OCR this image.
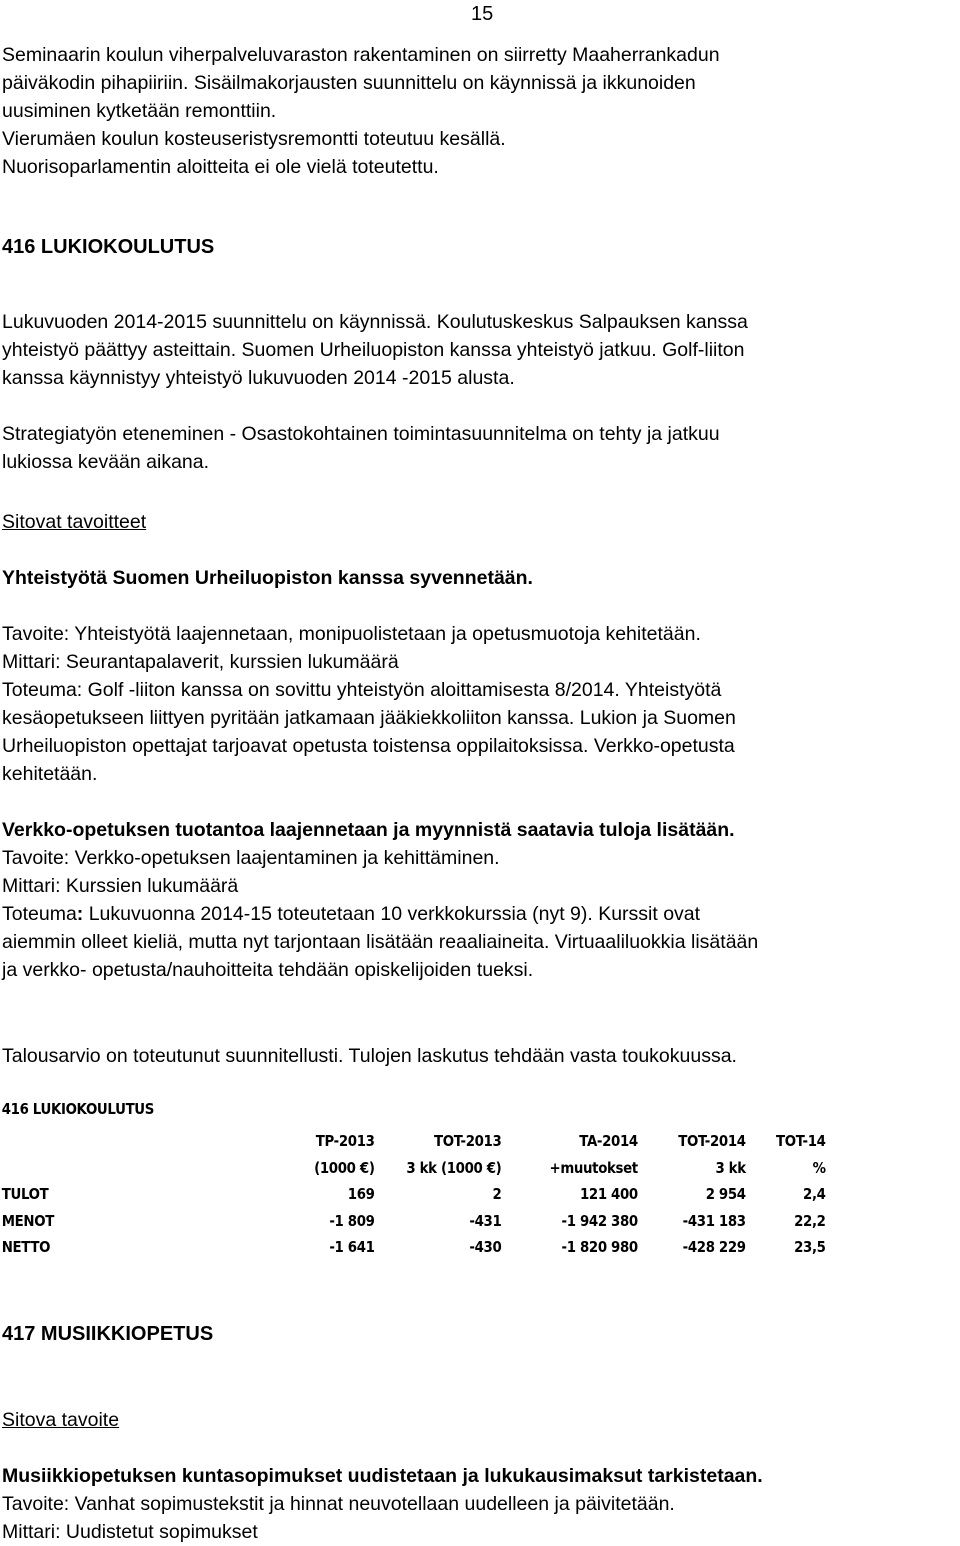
15

Seminaarin koulun viherpalveluvaraston rakentaminen on siirretty Maaherrankadun

päiväkodin pihapiiriin. Sisäilmakorjausten suunnittelu on käynnissä ja ikkunoiden

uusiminen kytketään remonttiin.

Vierumäen koulun kosteuseristysremontti toteutuu kesällä.

Nuorisoparlamentin aloitteita ei ole vielä toteutettu.

416 LUKIOKOULUTUS

Lukuvuoden 2014-2015 suunnittelu on käynnissä. Koulutuskeskus Salpauksen kanssa

yhteistyö päättyy asteittain. Suomen Urheiluopiston kanssa yhteistyö jatkuu. Golf-liiton

kanssa käynnistyy yhteistyö lukuvuoden 2014 -2015 alusta.

Strategiatyön eteneminen - Osastokohtainen toimintasuunnitelma on tehty ja jatkuu

lukiossa kevään aikana.

Sitovat tavoitteet
Yhteistyötä Suomen Urheiluopiston kanssa syvennetään.

Tavoite: Yhteistyötä laajennetaan, monipuolistetaan ja opetusmuotoja kehitetään.

Mittari: Seurantapalaverit, kurssien lukumäärä

Toteuma: Golf -liiton kanssa on sovittu yhteistyön aloittamisesta 8/2014. Yhteistyötä

kesäopetukseen liittyen pyritään jatkamaan jääkiekkoliiton kanssa. Lukion ja Suomen

Urheiluopiston opettajat tarjoavat opetusta toistensa oppilaitoksissa. Verkko-opetusta

kehitetään.

Verkko-opetuksen tuotantoa laajennetaan ja myynnistä saatavia tuloja lisätään.

Tavoite: Verkko-opetuksen laajentaminen ja kehittäminen.

Mittari: Kurssien lukumäärä

Toteuma: Lukuvuonna 2014-15 toteutetaan 10 verkkokurssia (nyt 9). Kurssit ovat

aiemmin olleet kieliä, mutta nyt tarjontaan lisätään reaaliaineita. Virtuaaliluokkia lisätään

ja verkko- opetusta/nauhoitteita tehdään opiskelijoiden tueksi.

Talousarvio on toteutunut suunnitellusti. Tulojen laskutus tehdään vasta toukokuussa.
416 LUKIOKOULUTUS
	TP-2013	TOT-2013	TA-2014	TOT-2014	TOT-14
	(1000 €)	3 kk (1000 €)	+muutokset	3 kk	%
TULOT	169	2	121 400	2 954	2,4
MENOT	-1 809	-431	-1 942 380	-431 183	22,2
NETTO	-1 641	-430	-1 820 980	-428 229	23,5
417 MUSIIKKIOPETUS
Sitova tavoite

Musiikkiopetuksen kuntasopimukset uudistetaan ja lukukausimaksut tarkistetaan.

Tavoite: Vanhat sopimustekstit ja hinnat neuvotellaan uudelleen ja päivitetään.

Mittari: Uudistetut sopimukset
